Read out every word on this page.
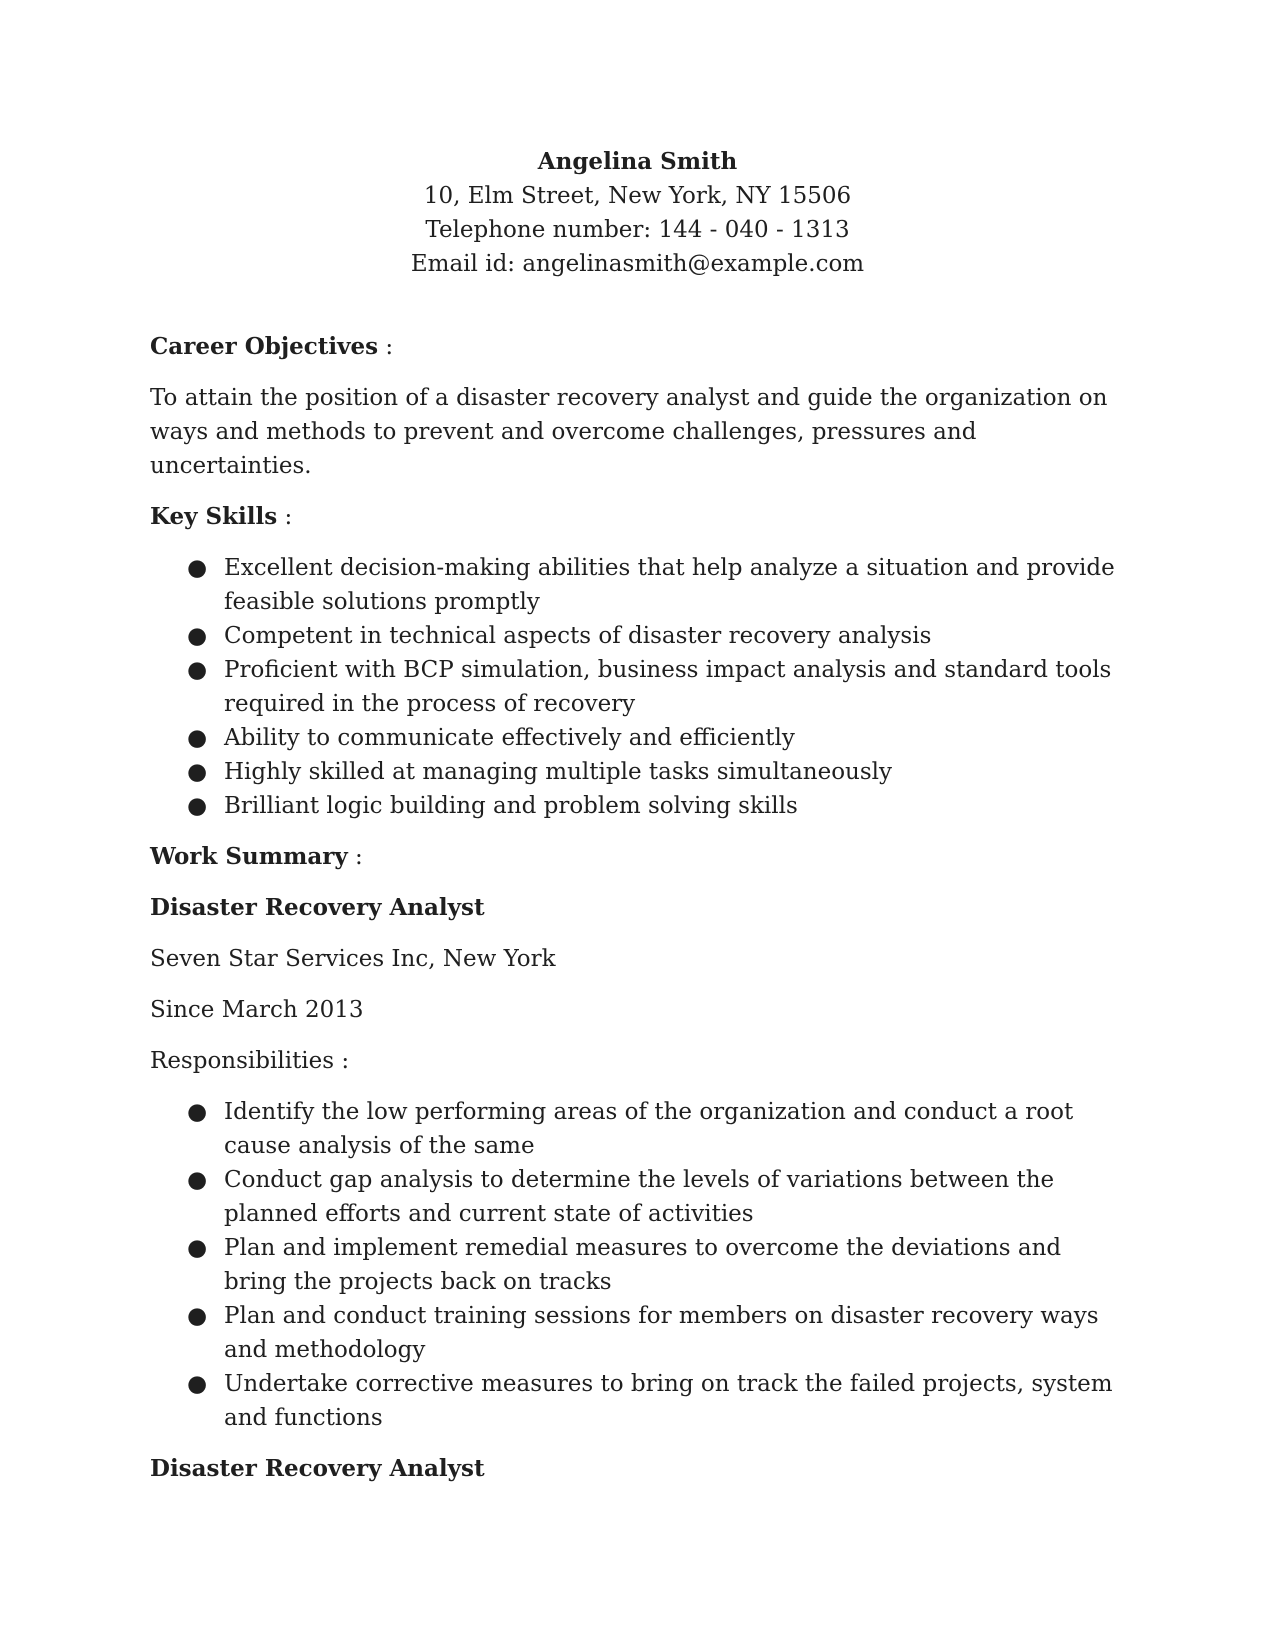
Angelina Smith
10, Elm Street, New York, NY 15506
Telephone number: 144 - 040 - 1313
Email id: angelinasmith@example.com
Career Objectives :

To attain the position of a disaster recovery analyst and guide the organization on ways and methods to prevent and overcome challenges, pressures and uncertainties.

Key Skills :
● Excellent decision-making abilities that help analyze a situation and provide feasible solutions promptly
● Competent in technical aspects of disaster recovery analysis
● Proficient with BCP simulation, business impact analysis and standard tools required in the process of recovery
● Ability to communicate effectively and efficiently
● Highly skilled at managing multiple tasks simultaneously
● Brilliant logic building and problem solving skills
Work Summary :
Disaster Recovery Analyst

Seven Star Services Inc, New York

Since March 2013

Responsibilities :

● Identify the low performing areas of the organization and conduct a root cause analysis of the same
● Conduct gap analysis to determine the levels of variations between the planned efforts and current state of activities
● Plan and implement remedial measures to overcome the deviations and bring the projects back on tracks
● Plan and conduct training sessions for members on disaster recovery ways and methodology
● Undertake corrective measures to bring on track the failed projects, system and functions
Disaster Recovery Analyst
